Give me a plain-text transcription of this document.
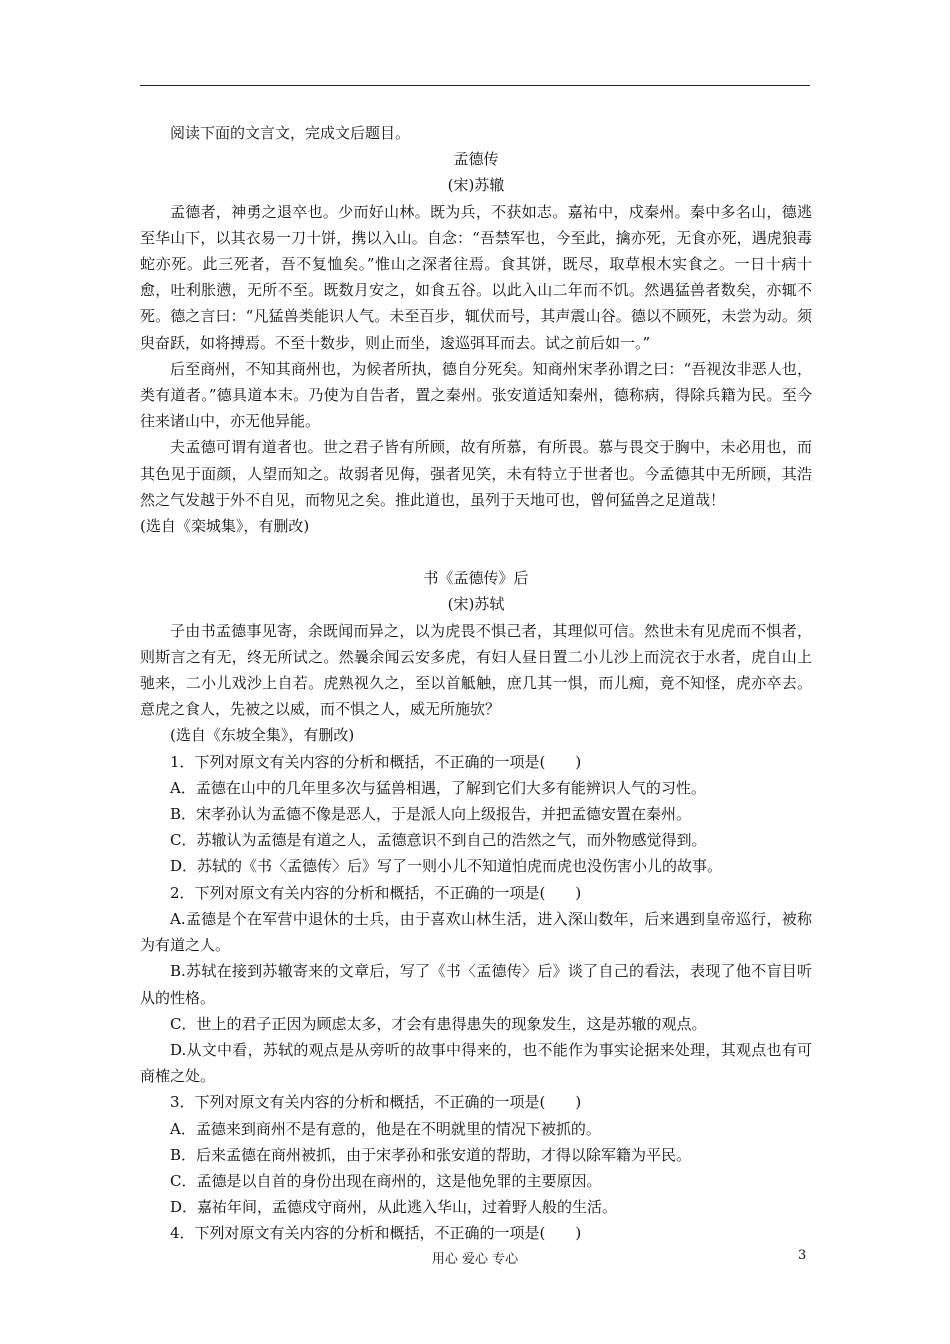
阅读下面的文言文，完成文后题目。

孟德传

(宋)苏辙

孟德者，神勇之退卒也。少而好山林。既为兵，不获如志。嘉祐中，戍秦州。秦中多名山，德逃至华山下，以其衣易一刀十饼，携以入山。自念：“吾禁军也，今至此，擒亦死，无食亦死，遇虎狼毒蛇亦死。此三死者，吾不复恤矣。”惟山之深者往焉。食其饼，既尽，取草根木实食之。一日十病十愈，吐利胀懑，无所不至。既数月安之，如食五谷。以此入山二年而不饥。然遇猛兽者数矣，亦辄不死。德之言曰：“凡猛兽类能识人气。未至百步，辄伏而号，其声震山谷。德以不顾死，未尝为动。须臾奋跃，如将搏焉。不至十数步，则止而坐，逡巡弭耳而去。试之前后如一。”

后至商州，不知其商州也，为候者所执，德自分死矣。知商州宋孝孙谓之曰：“吾视汝非恶人也，类有道者。”德具道本末。乃使为自告者，置之秦州。张安道适知秦州，德称病，得除兵籍为民。至今往来诸山中，亦无他异能。

夫孟德可谓有道者也。世之君子皆有所顾，故有所慕，有所畏。慕与畏交于胸中，未必用也，而其色见于面颜，人望而知之。故弱者见侮，强者见笑，未有特立于世者也。今孟德其中无所顾，其浩然之气发越于外不自见，而物见之矣。推此道也，虽列于天地可也，曾何猛兽之足道哉！

(选自《栾城集》，有删改)

书《孟德传》后

(宋)苏轼

子由书孟德事见寄，余既闻而异之，以为虎畏不惧己者，其理似可信。然世未有见虎而不惧者，则斯言之有无，终无所试之。然曩余闻云安多虎，有妇人昼日置二小儿沙上而浣衣于水者，虎自山上驰来，二小儿戏沙上自若。虎熟视久之，至以首觝触，庶几其一惧，而儿痴，竟不知怪，虎亦卒去。意虎之食人，先被之以威，而不惧之人，威无所施欤？

(选自《东坡全集》，有删改)

1．下列对原文有关内容的分析和概括，不正确的一项是(　　)

A．孟德在山中的几年里多次与猛兽相遇，了解到它们大多有能辨识人气的习性。

B．宋孝孙认为孟德不像是恶人，于是派人向上级报告，并把孟德安置在秦州。

C．苏辙认为孟德是有道之人，孟德意识不到自己的浩然之气，而外物感觉得到。

D．苏轼的《书〈孟德传〉后》写了一则小儿不知道怕虎而虎也没伤害小儿的故事。

2．下列对原文有关内容的分析和概括，不正确的一项是(　　)

A.孟德是个在军营中退休的士兵，由于喜欢山林生活，进入深山数年，后来遇到皇帝巡行，被称为有道之人。

B.苏轼在接到苏辙寄来的文章后，写了《书〈孟德传〉后》谈了自己的看法，表现了他不盲目听从的性格。

C．世上的君子正因为顾虑太多，才会有患得患失的现象发生，这是苏辙的观点。

D.从文中看，苏轼的观点是从旁听的故事中得来的，也不能作为事实论据来处理，其观点也有可商榷之处。

3．下列对原文有关内容的分析和概括，不正确的一项是(　　)

A．孟德来到商州不是有意的，他是在不明就里的情况下被抓的。

B．后来孟德在商州被抓，由于宋孝孙和张安道的帮助，才得以除军籍为平民。

C．孟德是以自首的身份出现在商州的，这是他免罪的主要原因。

D．嘉祐年间，孟德戍守商州，从此逃入华山，过着野人般的生活。

4．下列对原文有关内容的分析和概括，不正确的一项是(　　)

用心 爱心 专心	3
